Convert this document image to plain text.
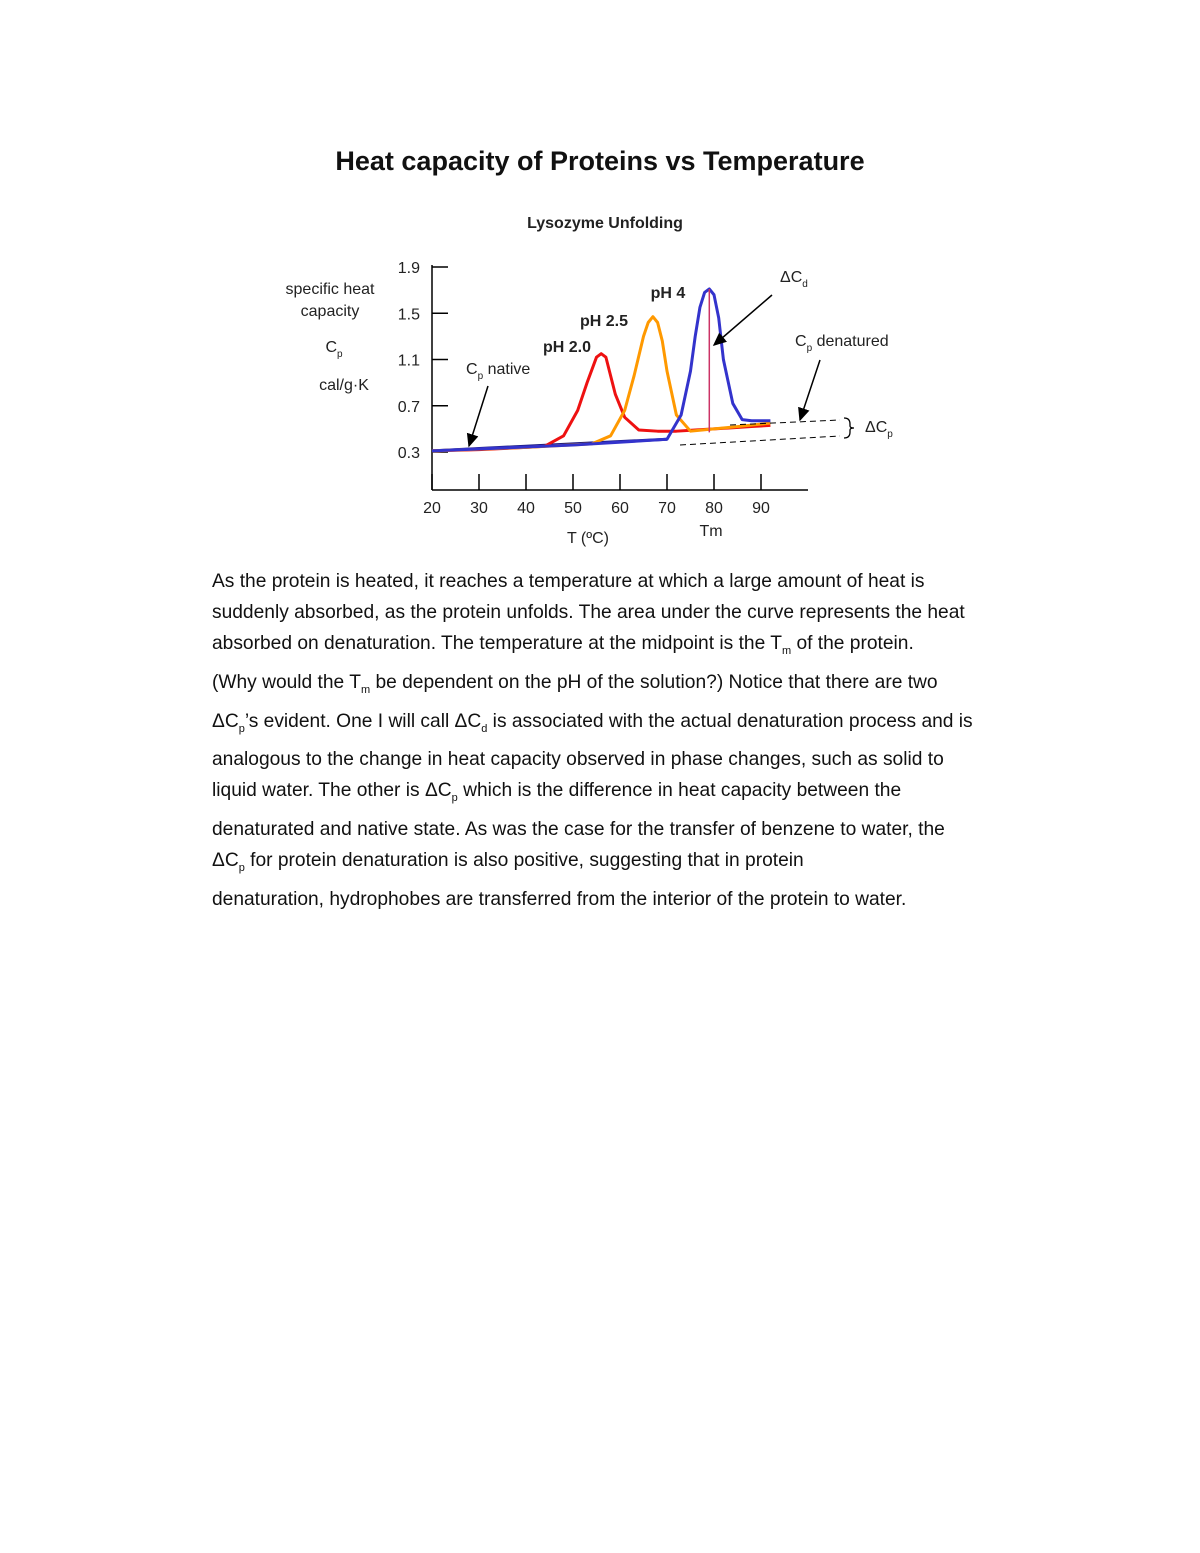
Heat capacity of Proteins vs Temperature
Lysozyme Unfolding
specific heat
capacity
$C_p$
cal/g·K
1.9
1.5
1.1
0.7
0.3
20 30 40 50 60 70 80 90
T (ºC)	Tm
pH 4
pH 2.5
pH 2.0
$C_p$ native
$C_p$ denatured
$\Delta C_d$
$\Delta C_p$
As the protein is heated, it reaches a temperature at which a large amount of heat is
suddenly absorbed, as the protein unfolds. The area under the curve represents the heat
absorbed on denaturation. The temperature at the midpoint is the $T_m$ of the protein.
(Why would the $T_m$ be dependent on the pH of the solution?) Notice that there are two
$\Delta C_p’s$ evident. One I will call $\Delta C_d$ is associated with the actual denaturation process and is
analogous to the change in heat capacity observed in phase changes, such as solid to
liquid water. The other is $\Delta C_p$ which is the difference in heat capacity between the
denaturated and native state. As was the case for the transfer of benzene to water, the
$\Delta C_p$ for protein denaturation is also positive, suggesting that in protein
denaturation, hydrophobes are transferred from the interior of the protein to water.
